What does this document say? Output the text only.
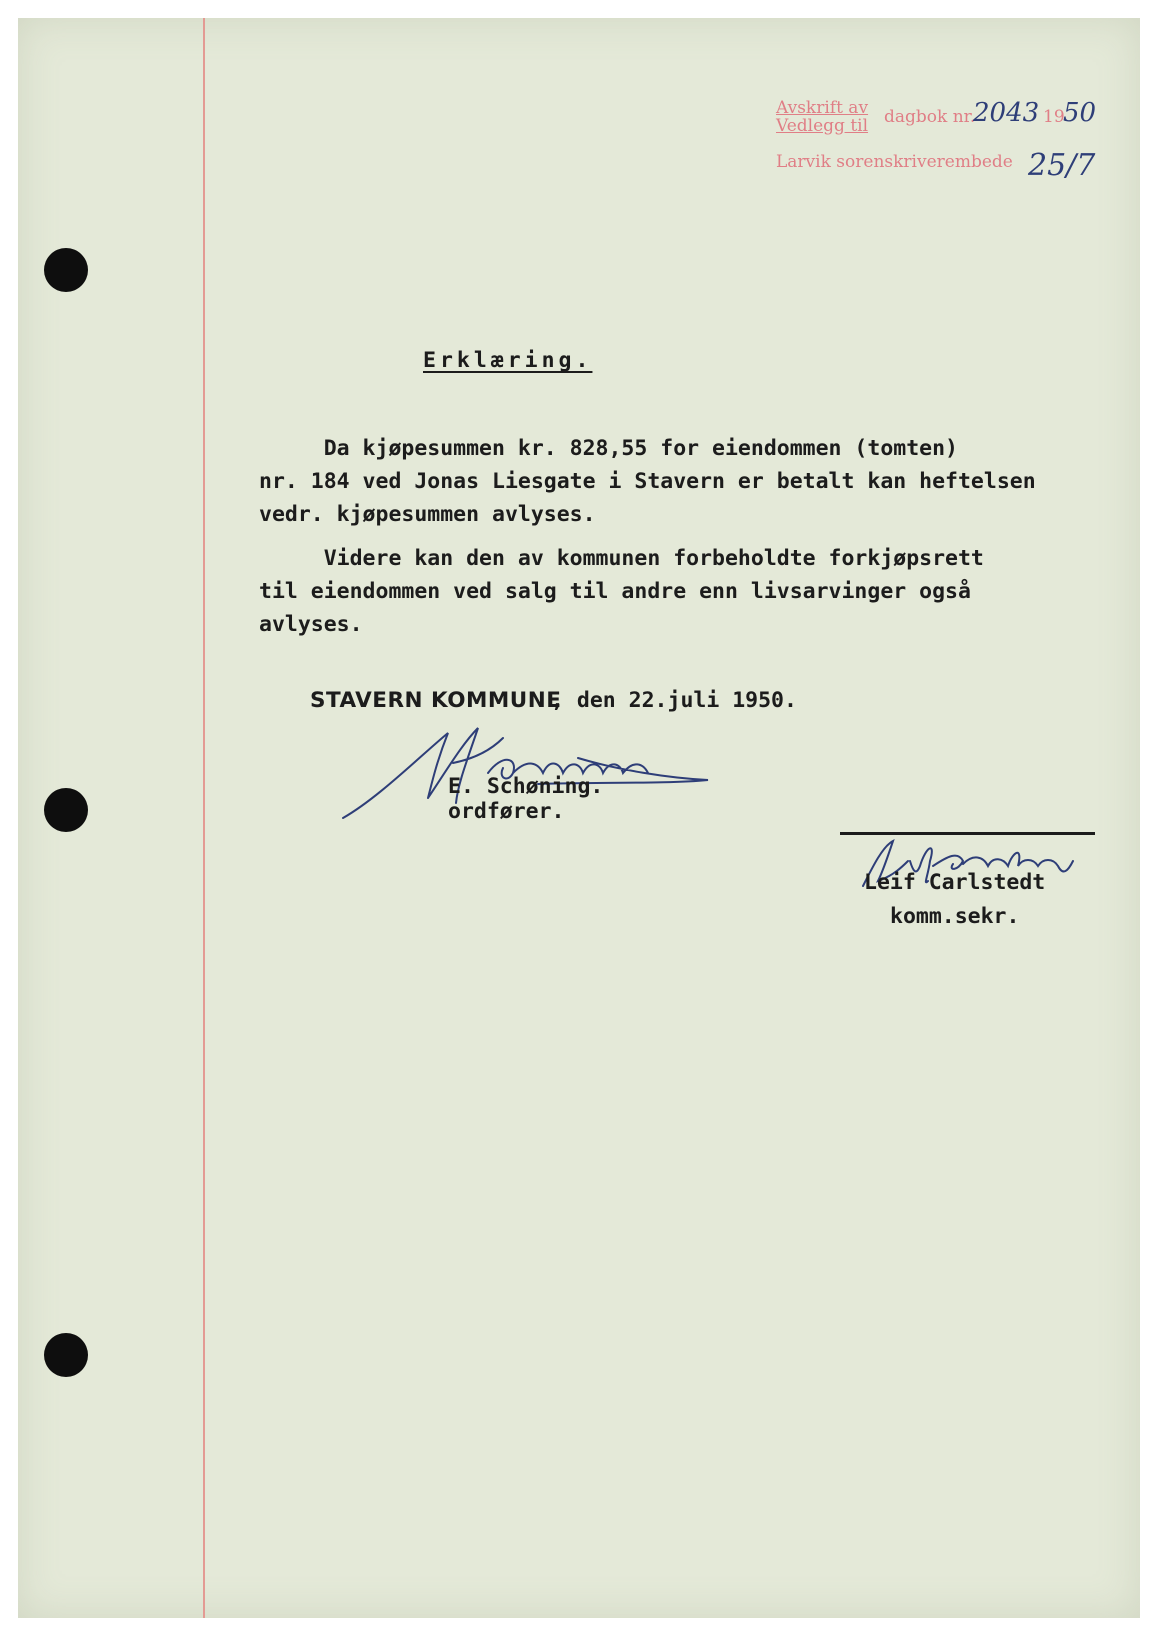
Avskrift av
Vedlegg til dagbok nr.
2043 19
50
Larvik sorenskriverembede 25/7
Erklæring.
Da kjøpesummen kr. 828,55 for eiendommen (tomten)
nr. 184 ved Jonas Liesgate i Stavern er betalt kan heftelsen
vedr. kjøpesummen avlyses.
Videre kan den av kommunen forbeholdte forkjøpsrett
til eiendommen ved salg til andre enn livsarvinger også
avlyses.
STAVERN KOMMUNE
, den 22.juli 1950.
E. Schøning.
ordfører.
Leif Carlstedt
komm.sekr.
